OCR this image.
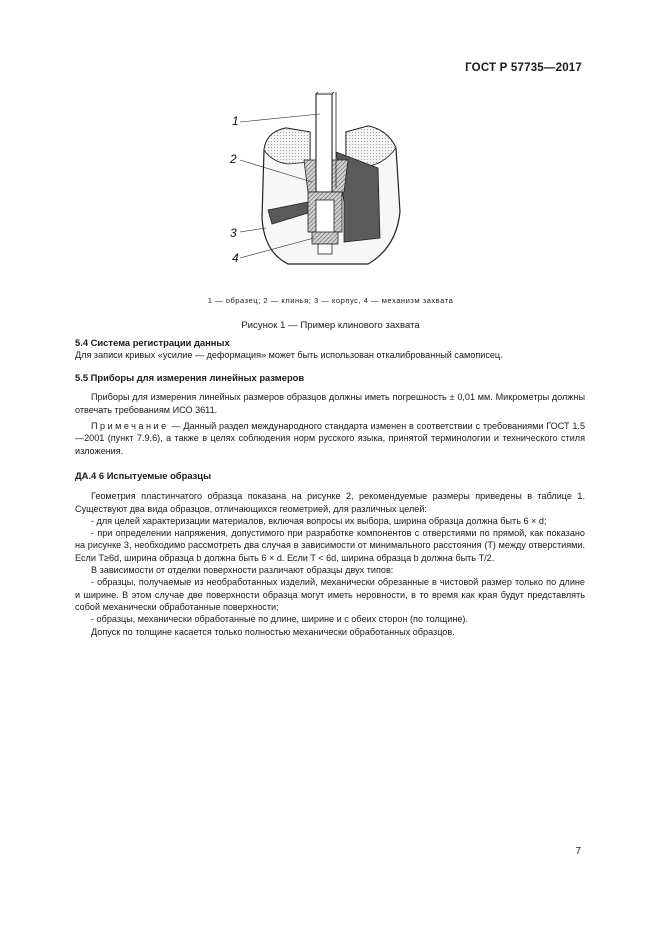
ГОСТ Р 57735—2017
1
2
3
4
1 — образец; 2 — клинья; 3 — корпус, 4 — механизм захвата
Рисунок 1 — Пример клинового захвата

5.4 Система регистрации данных

Для записи кривых «усилие — деформация» может быть использован откалиброванный самописец.

5.5 Приборы для измерения линейных размеров

Приборы для измерения линейных размеров образцов должны иметь погрешность ± 0,01 мм. Микрометры должны отвечать требованиям ИСО 3611.

Примечание — Данный раздел международного стандарта изменен в соответствии с требованиями ГОСТ 1.5—2001 (пункт 7.9.6), а также в целях соблюдения норм русского языка, принятой терминологии и технического стиля изложения.

ДА.4 6 Испытуемые образцы

Геометрия пластинчатого образца показана на рисунке 2, рекомендуемые размеры приведены в таблице 1. Существуют два вида образцов, отличающихся геометрией, для различных целей:

- для целей характеризации материалов, включая вопросы их выбора, ширина образца должна быть 6 × d;

- при определении напряжения, допустимого при разработке компонентов с отверстиями по прямой, как показано на рисунке 3, необходимо рассмотреть два случая в зависимости от минимального расстояния (T) между отверстиями. Если T≥6d, ширина образца b должна быть 6 × d. Если T < 6d, ширина образца b должна быть T/2.

В зависимости от отделки поверхности различают образцы двух типов:

- образцы, получаемые из необработанных изделий, механически обрезанные в чистовой размер только по длине и ширине. В этом случае две поверхности образца могут иметь неровности, в то время как края будут представлять собой механически обработанные поверхности;

- образцы, механически обработанные по длине, ширине и с обеих сторон (по толщине).

Допуск по толщине касается только полностью механически обработанных образцов.

7
